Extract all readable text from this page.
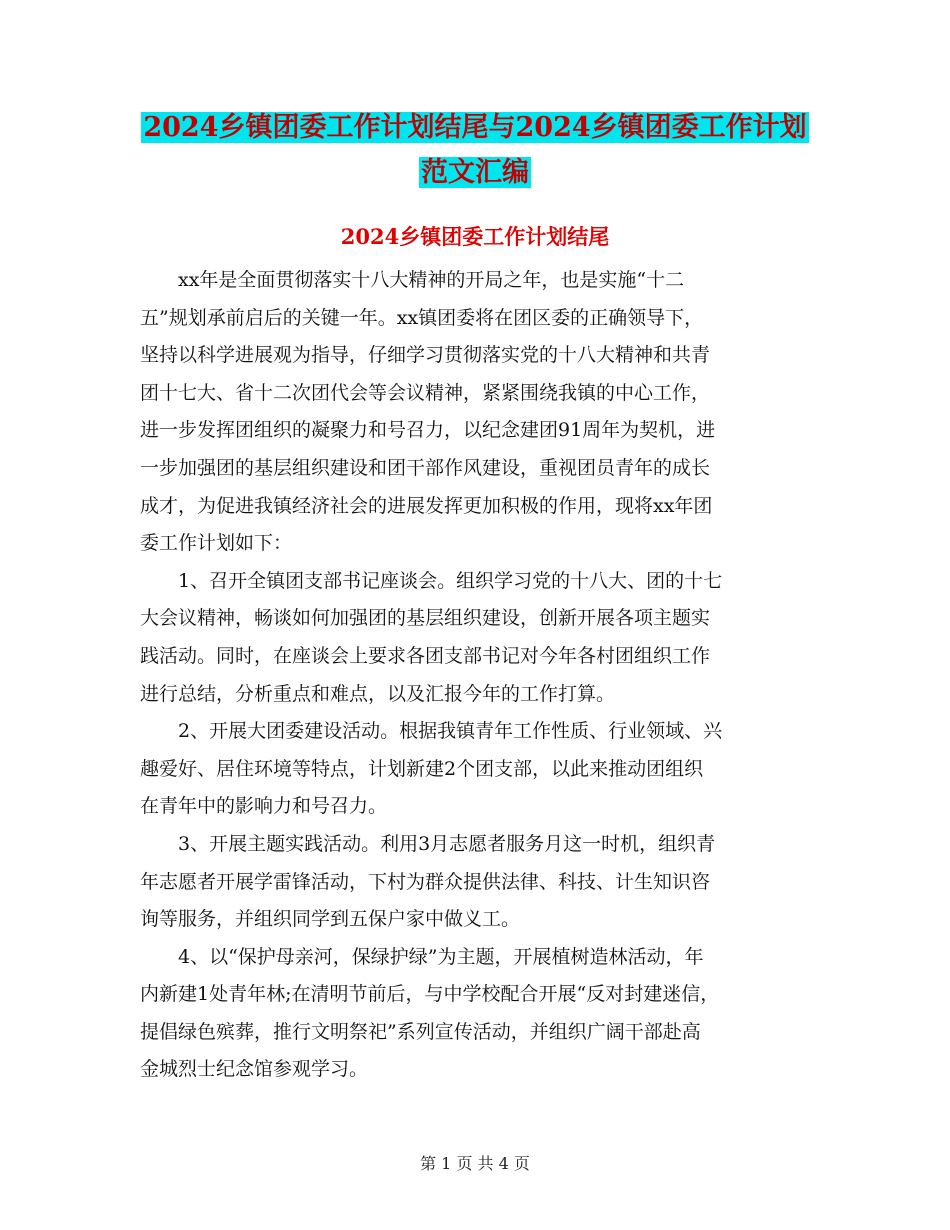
2024乡镇团委工作计划结尾与2024乡镇团委工作计划
范文汇编
2024乡镇团委工作计划结尾
xx年是全面贯彻落实十八大精神的开局之年，也是实施“十二
五”规划承前启后的关键一年。xx镇团委将在团区委的正确领导下，
坚持以科学进展观为指导，仔细学习贯彻落实党的十八大精神和共青
团十七大、省十二次团代会等会议精神，紧紧围绕我镇的中心工作，
进一步发挥团组织的凝聚力和号召力，以纪念建团91周年为契机，进
一步加强团的基层组织建设和团干部作风建设，重视团员青年的成长
成才，为促进我镇经济社会的进展发挥更加积极的作用，现将xx年团
委工作计划如下：
1、召开全镇团支部书记座谈会。组织学习党的十八大、团的十七
大会议精神，畅谈如何加强团的基层组织建设，创新开展各项主题实
践活动。同时，在座谈会上要求各团支部书记对今年各村团组织工作
进行总结，分析重点和难点，以及汇报今年的工作打算。
2、开展大团委建设活动。根据我镇青年工作性质、行业领域、兴
趣爱好、居住环境等特点，计划新建2个团支部，以此来推动团组织
在青年中的影响力和号召力。
3、开展主题实践活动。利用3月志愿者服务月这一时机，组织青
年志愿者开展学雷锋活动，下村为群众提供法律、科技、计生知识咨
询等服务，并组织同学到五保户家中做义工。
4、以“保护母亲河，保绿护绿”为主题，开展植树造林活动，年
内新建1处青年林;在清明节前后，与中学校配合开展“反对封建迷信，
提倡绿色殡葬，推行文明祭祀”系列宣传活动，并组织广阔干部赴高
金城烈士纪念馆参观学习。
第 1 页 共 4 页
